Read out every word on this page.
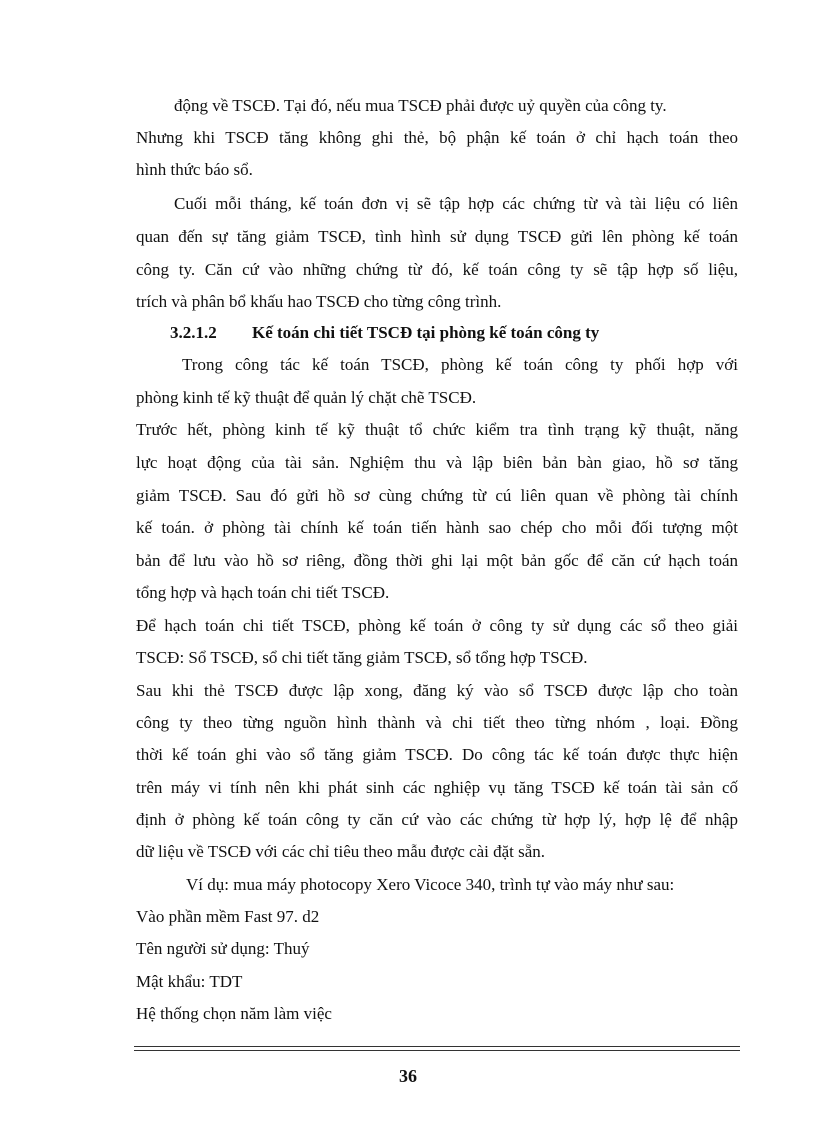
động về TSCĐ. Tại đó, nếu mua TSCĐ phải được uỷ quyền của công ty.
Nhưng khi TSCĐ tăng không ghi thẻ, bộ phận kế toán ở chỉ hạch toán theo
hình thức báo sổ.
Cuối mỗi tháng, kế toán đơn vị sẽ tập hợp các chứng từ và tài liệu có liên
quan đến sự tăng giảm TSCĐ, tình hình sử dụng TSCĐ gửi lên phòng kế toán
công ty. Căn cứ vào những chứng từ đó, kế toán công ty sẽ tập hợp số liệu,
trích và phân bổ khấu hao TSCĐ cho từng công trình.
3.2.1.2 Kế toán chi tiết TSCĐ tại phòng kế toán công ty
Trong công tác kế toán TSCĐ, phòng kế toán công ty phối hợp với
phòng kinh tế kỹ thuật để quản lý chặt chẽ TSCĐ.
Trước hết, phòng kinh tế kỹ thuật tổ chức kiểm tra tình trạng kỹ thuật, năng
lực hoạt động của tài sản. Nghiệm thu và lập biên bản bàn giao, hồ sơ tăng
giảm TSCĐ. Sau đó gửi hồ sơ cùng chứng từ cú liên quan về phòng tài chính
kế toán. ở phòng tài chính kế toán tiến hành sao chép cho mỗi đối tượng một
bản để lưu vào hồ sơ riêng, đồng thời ghi lại một bản gốc để căn cứ hạch toán
tổng hợp và hạch toán chi tiết TSCĐ.
Để hạch toán chi tiết TSCĐ, phòng kế toán ở công ty sử dụng các sổ theo giải
TSCĐ: Sổ TSCĐ, sổ chi tiết tăng giảm TSCĐ, sổ tổng hợp TSCĐ.
Sau khi thẻ TSCĐ được lập xong, đăng ký vào sổ TSCĐ được lập cho toàn
công ty theo từng nguồn hình thành và chi tiết theo từng nhóm , loại. Đồng
thời kế toán ghi vào sổ tăng giảm TSCĐ. Do công tác kế toán được thực hiện
trên máy vi tính nên khi phát sinh các nghiệp vụ tăng TSCĐ kế toán tài sản cố
định ở phòng kế toán công ty căn cứ vào các chứng từ hợp lý, hợp lệ để nhập
dữ liệu về TSCĐ với các chỉ tiêu theo mẫu được cài đặt sẵn.
Ví dụ: mua máy photocopy Xero Vicoce 340, trình tự vào máy như sau:
Vào phần mềm Fast 97. d2
Tên người sử dụng: Thuý
Mật khẩu: TDT
Hệ thống chọn năm làm việc
36
